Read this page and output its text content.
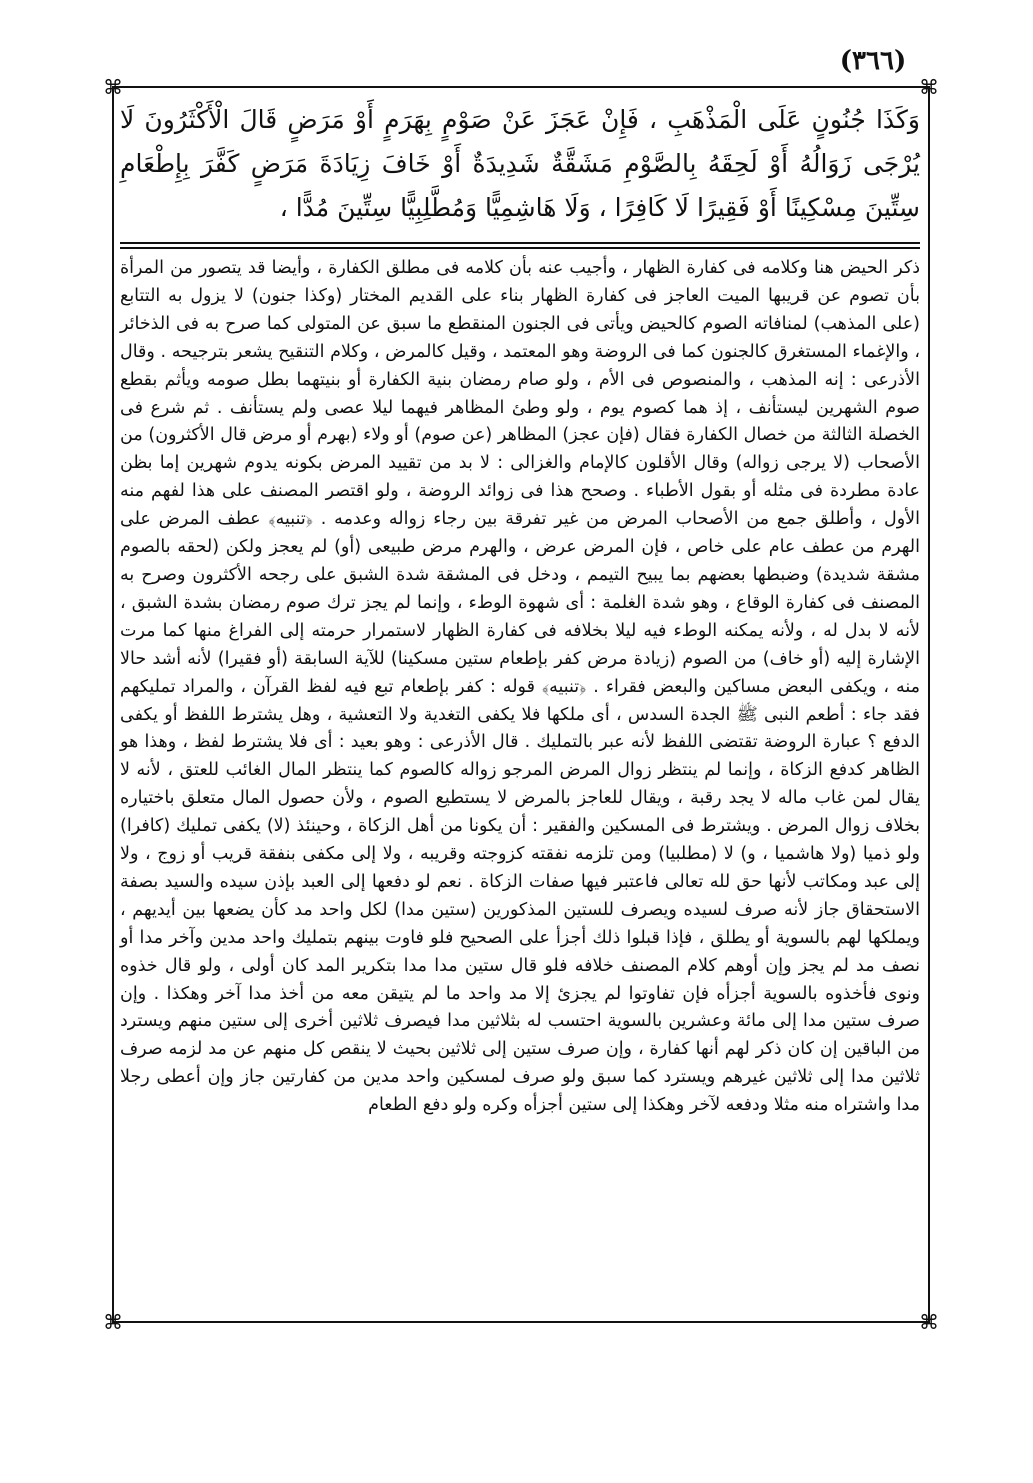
⌘	⌘
⌘	⌘
(٣٦٦)

وَكَذَا جُنُونٍ عَلَى الْمَذْهَبِ ، فَإِنْ عَجَزَ عَنْ صَوْمٍ بِهَرَمٍ أَوْ مَرَضٍ قَالَ الْأَكْثَرُونَ لَا يُرْجَى زَوَالُهُ أَوْ لَحِقَهُ بِالصَّوْمِ مَشَقَّةٌ شَدِيدَةٌ أَوْ خَافَ زِيَادَةَ مَرَضٍ كَفَّرَ بِإِطْعَامِ سِتِّينَ مِسْكِينًا أَوْ فَقِيرًا لَا كَافِرًا ، وَلَا هَاشِمِيًّا وَمُطَّلِبِيًّا سِتِّينَ مُدًّا ،

ذكر الحيض هنا وكلامه فى كفارة الظهار ، وأجيب عنه بأن كلامه فى مطلق الكفارة ، وأيضا قد يتصور من المرأة بأن تصوم عن قريبها الميت العاجز فى كفارة الظهار بناء على القديم المختار (وكذا جنون) لا يزول به التتابع (على المذهب) لمنافاته الصوم كالحيض ويأتى فى الجنون المنقطع ما سبق عن المتولى كما صرح به فى الذخائر ، والإغماء المستغرق كالجنون كما فى الروضة وهو المعتمد ، وقيل كالمرض ، وكلام التنقيح يشعر بترجيحه . وقال الأذرعى : إنه المذهب ، والمنصوص فى الأم ، ولو صام رمضان بنية الكفارة أو بنيتهما بطل صومه ويأثم بقطع صوم الشهرين ليستأنف ، إذ هما كصوم يوم ، ولو وطئ المظاهر فيهما ليلا عصى ولم يستأنف . ثم شرع فى الخصلة الثالثة من خصال الكفارة فقال (فإن عجز) المظاهر (عن صوم) أو ولاء (بهرم أو مرض قال الأكثرون) من الأصحاب (لا يرجى زواله) وقال الأقلون كالإمام والغزالى : لا بد من تقييد المرض بكونه يدوم شهرين إما بظن عادة مطردة فى مثله أو بقول الأطباء . وصحح هذا فى زوائد الروضة ، ولو اقتصر المصنف على هذا لفهم منه الأول ، وأطلق جمع من الأصحاب المرض من غير تفرقة بين رجاء زواله وعدمه . ﴿تنبيه﴾ عطف المرض على الهرم من عطف عام على خاص ، فإن المرض عرض ، والهرم مرض طبيعى (أو) لم يعجز ولكن (لحقه بالصوم مشقة شديدة) وضبطها بعضهم بما يبيح التيمم ، ودخل فى المشقة شدة الشبق على رجحه الأكثرون وصرح به المصنف فى كفارة الوقاع ، وهو شدة الغلمة : أى شهوة الوطء ، وإنما لم يجز ترك صوم رمضان بشدة الشبق ، لأنه لا بدل له ، ولأنه يمكنه الوطء فيه ليلا بخلافه فى كفارة الظهار لاستمرار حرمته إلى الفراغ منها كما مرت الإشارة إليه (أو خاف) من الصوم (زيادة مرض كفر بإطعام ستين مسكينا) للآية السابقة (أو فقيرا) لأنه أشد حالا منه ، ويكفى البعض مساكين والبعض فقراء . ﴿تنبيه﴾ قوله : كفر بإطعام تبع فيه لفظ القرآن ، والمراد تمليكهم فقد جاء : أطعم النبى ﷺ الجدة السدس ، أى ملكها فلا يكفى التغدية ولا التعشية ، وهل يشترط اللفظ أو يكفى الدفع ؟ عبارة الروضة تقتضى اللفظ لأنه عبر بالتمليك . قال الأذرعى : وهو بعيد : أى فلا يشترط لفظ ، وهذا هو الظاهر كدفع الزكاة ، وإنما لم ينتظر زوال المرض المرجو زواله كالصوم كما ينتظر المال الغائب للعتق ، لأنه لا يقال لمن غاب ماله لا يجد رقبة ، ويقال للعاجز بالمرض لا يستطيع الصوم ، ولأن حصول المال متعلق باختياره بخلاف زوال المرض . ويشترط فى المسكين والفقير : أن يكونا من أهل الزكاة ، وحينئذ (لا) يكفى تمليك (كافرا) ولو ذميا (ولا هاشميا ، و) لا (مطلبيا) ومن تلزمه نفقته كزوجته وقريبه ، ولا إلى مكفى بنفقة قريب أو زوج ، ولا إلى عبد ومكاتب لأنها حق لله تعالى فاعتبر فيها صفات الزكاة . نعم لو دفعها إلى العبد بإذن سيده والسيد بصفة الاستحقاق جاز لأنه صرف لسيده ويصرف للستين المذكورين (ستين مدا) لكل واحد مد كأن يضعها بين أيديهم ، ويملكها لهم بالسوية أو يطلق ، فإذا قبلوا ذلك أجزأ على الصحيح فلو فاوت بينهم بتمليك واحد مدين وآخر مدا أو نصف مد لم يجز وإن أوهم كلام المصنف خلافه فلو قال ستين مدا مدا بتكرير المد كان أولى ، ولو قال خذوه ونوى فأخذوه بالسوية أجزأه فإن تفاوتوا لم يجزئ إلا مد واحد ما لم يتيقن معه من أخذ مدا آخر وهكذا . وإن صرف ستين مدا إلى مائة وعشرين بالسوية احتسب له بثلاثين مدا فيصرف ثلاثين أخرى إلى ستين منهم ويسترد من الباقين إن كان ذكر لهم أنها كفارة ، وإن صرف ستين إلى ثلاثين بحيث لا ينقص كل منهم عن مد لزمه صرف ثلاثين مدا إلى ثلاثين غيرهم ويسترد كما سبق ولو صرف لمسكين واحد مدين من كفارتين جاز وإن أعطى رجلا مدا واشتراه منه مثلا ودفعه لآخر وهكذا إلى ستين أجزأه وكره ولو دفع الطعام
